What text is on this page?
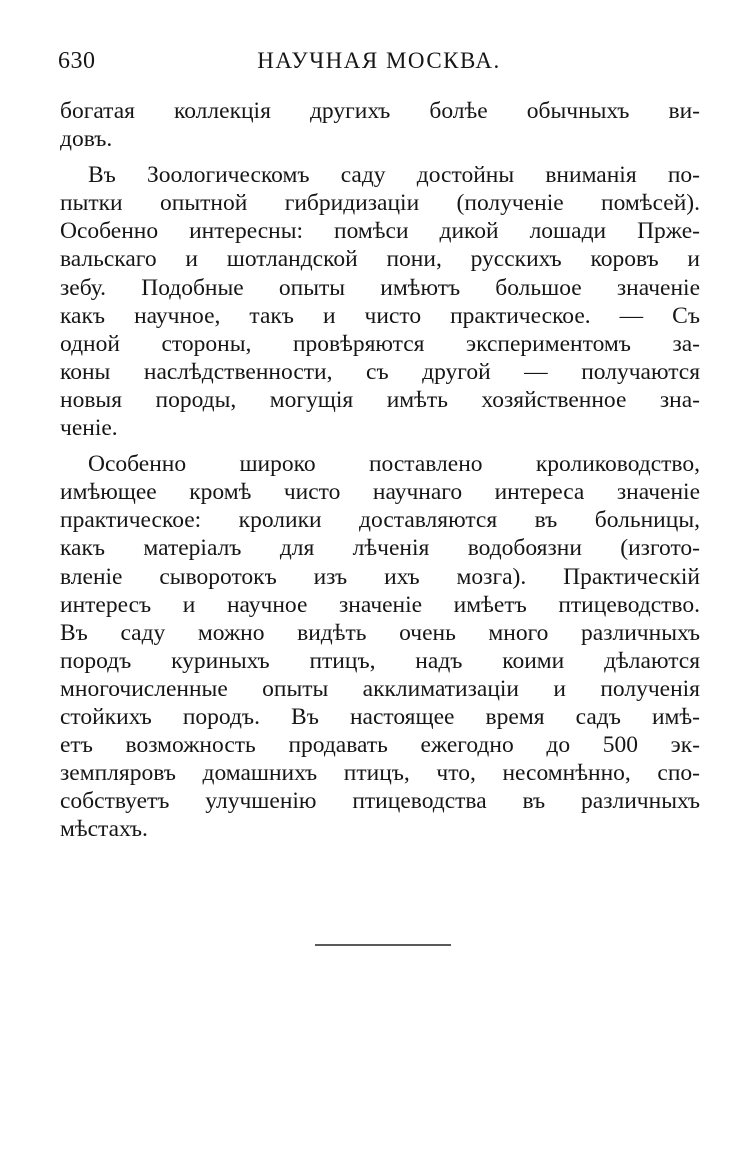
630	НАУЧНАЯ МОСКВА.
богатая коллекція другихъ болѣе обычныхъ ви-
довъ.
Въ Зоологическомъ саду достойны вниманія по-
пытки опытной гибридизаціи (полученіе помѣсей).
Особенно интересны: помѣси дикой лошади Прже-
вальскаго и шотландской пони, русскихъ коровъ и
зебу. Подобные опыты имѣютъ большое значеніе
какъ научное, такъ и чисто практическое. — Съ
одной стороны, провѣряются экспериментомъ за-
коны наслѣдственности, съ другой — получаются
новыя породы, могущія имѣть хозяйственное зна-
ченіе.
Особенно широко поставлено кролиководство,
имѣющее кромѣ чисто научнаго интереса значеніе
практическое: кролики доставляются въ больницы,
какъ матеріалъ для лѣченія водобоязни (изгото-
вленіе сыворотокъ изъ ихъ мозга). Практическій
интересъ и научное значеніе имѣетъ птицеводство.
Въ саду можно видѣть очень много различныхъ
породъ куриныхъ птицъ, надъ коими дѣлаются
многочисленные опыты акклиматизаціи и полученія
стойкихъ породъ. Въ настоящее время садъ имѣ-
етъ возможность продавать ежегодно до 500 эк-
земпляровъ домашнихъ птицъ, что, несомнѣнно, спо-
собствуетъ улучшенію птицеводства въ различныхъ
мѣстахъ.
